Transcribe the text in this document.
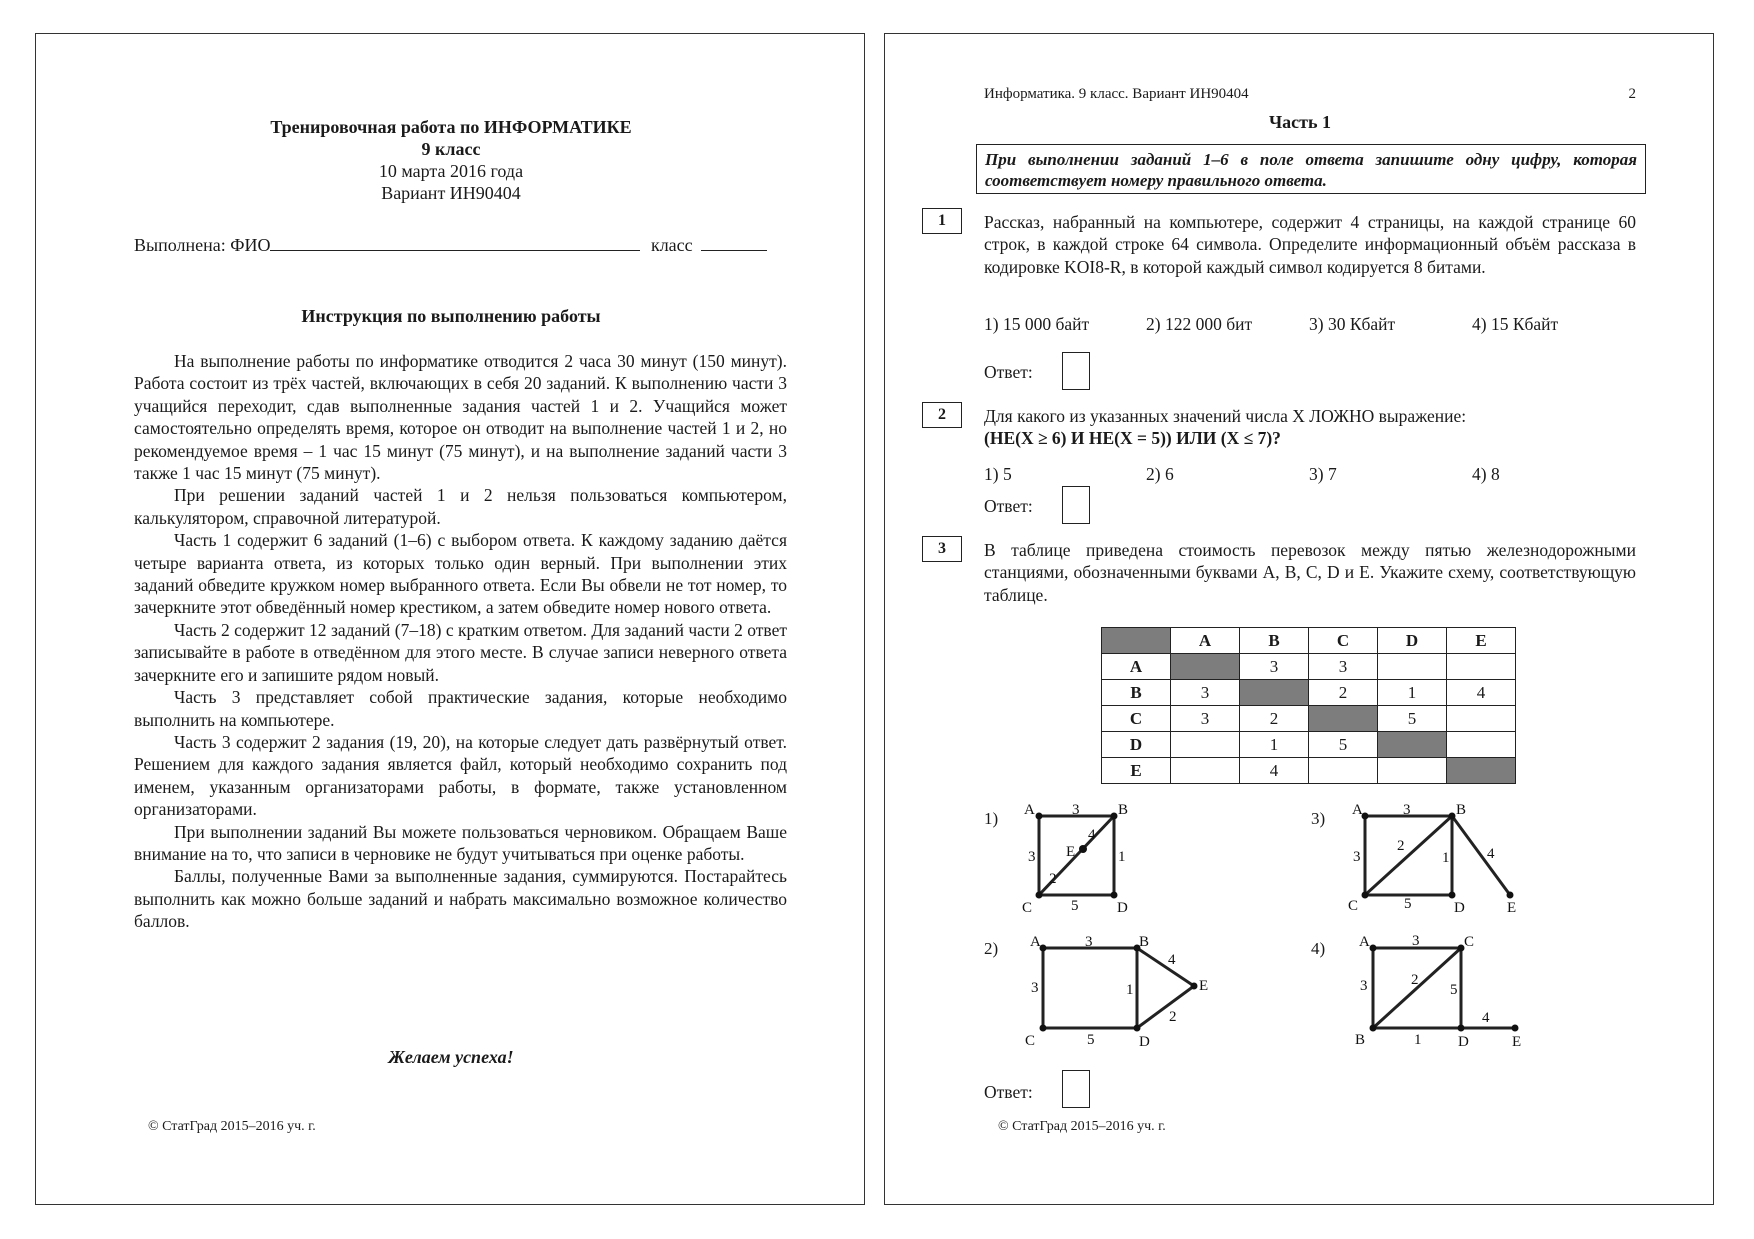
Тренировочная работа по ИНФОРМАТИКЕ
9 класс
10 марта 2016 года
Вариант ИН90404
Выполнена: ФИО	класс
Инструкция по выполнению работы

На выполнение работы по информатике отводится 2 часа 30 минут (150 минут). Работа состоит из трёх частей, включающих в себя 20 заданий. К выполнению части 3 учащийся переходит, сдав выполненные задания частей 1 и 2. Учащийся может самостоятельно определять время, которое он отводит на выполнение частей 1 и 2, но рекомендуемое время – 1 час 15 минут (75 минут), и на выполнение заданий части 3 также 1 час 15 минут (75 минут).

При решении заданий частей 1 и 2 нельзя пользоваться компьютером, калькулятором, справочной литературой.

Часть 1 содержит 6 заданий (1–6) с выбором ответа. К каждому заданию даётся четыре варианта ответа, из которых только один верный. При выполнении этих заданий обведите кружком номер выбранного ответа. Если Вы обвели не тот номер, то зачеркните этот обведённый номер крестиком, а затем обведите номер нового ответа.

Часть 2 содержит 12 заданий (7–18) с кратким ответом. Для заданий части 2 ответ записывайте в работе в отведённом для этого месте. В случае записи неверного ответа зачеркните его и запишите рядом новый.

Часть 3 представляет собой практические задания, которые необходимо выполнить на компьютере.

Часть 3 содержит 2 задания (19, 20), на которые следует дать развёрнутый ответ. Решением для каждого задания является файл, который необходимо сохранить под именем, указанным организаторами работы, в формате, также установленном организаторами.

При выполнении заданий Вы можете пользоваться черновиком. Обращаем Ваше внимание на то, что записи в черновике не будут учитываться при оценке работы.

Баллы, полученные Вами за выполненные задания, суммируются. Постарайтесь выполнить как можно больше заданий и набрать максимально возможное количество баллов.

Желаем успеха!
© СтатГрад 2015–2016 уч. г.
Информатика. 9 класс. Вариант ИН90404	2
Часть 1
При выполнении заданий 1–6 в поле ответа запишите одну цифру, которая соответствует номеру правильного ответа.
1	Рассказ, набранный на компьютере, содержит 4 страницы, на каждой странице 60 строк, в каждой строке 64 символа. Определите информационный объём рассказа в кодировке KOI8-R, в которой каждый символ кодируется 8 битами.
1) 15 000 байт	2) 122 000 бит	3) 30 Кбайт	4) 15 Кбайт
Ответ:
2	Для какого из указанных значений числа X ЛОЖНО выражение:
(НЕ(X ≥ 6) И НЕ(X = 5)) ИЛИ (X ≤ 7)?
1) 5	2) 6	3) 7	4) 8
Ответ:
3	В таблице приведена стоимость перевозок между пятью железнодорожными станциями, обозначенными буквами A, B, C, D и E. Укажите схему, соответствующую таблице.
	A	B	C	D	E
A		3	3		
B	3		2	1	4
C	3	2		5	
D		1	5		
E		4			
1)
2)
3)
4)
A	B
C	D
E
3
3	1
5
2
4
A	B
C	D
E
3
3	1
5
4
2
A	B
C	D	E
3
3
2
1
5
4
A	C
B	D	E
3
3	2
5
1
4
Ответ:
© СтатГрад 2015–2016 уч. г.
